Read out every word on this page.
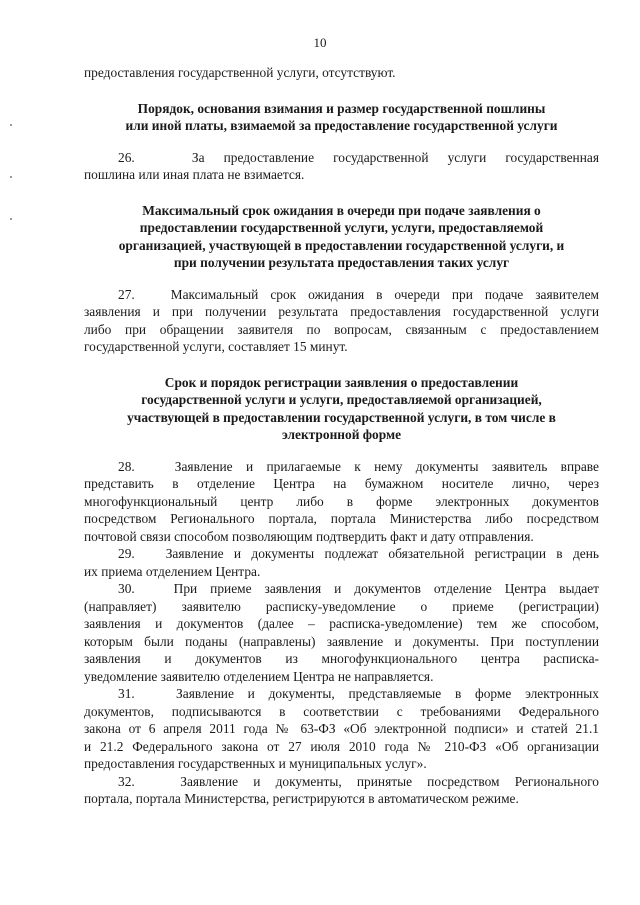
10
предоставления государственной услуги, отсутствуют.
Порядок, основания взимания и размер государственной пошлины
или иной платы, взимаемой за предоставление государственной услуги
26.   За предоставление государственной услуги государственная
пошлина или иная плата не взимается.
Максимальный срок ожидания в очереди при подаче заявления о
предоставлении государственной услуги, услуги, предоставляемой
организацией, участвующей в предоставлении государственной услуги, и
при получении результата предоставления таких услуг
27.   Максимальный срок ожидания в очереди при подаче заявителем
заявления и при получении результата предоставления государственной услуги
либо при обращении заявителя по вопросам, связанным с предоставлением
государственной услуги, составляет 15 минут.
Срок и порядок регистрации заявления о предоставлении
государственной услуги и услуги, предоставляемой организацией,
участвующей в предоставлении государственной услуги, в том числе в
электронной форме
28.   Заявление и прилагаемые к нему документы заявитель вправе
представить в отделение Центра на бумажном носителе лично, через
многофункциональный центр либо в форме электронных документов
посредством Регионального портала, портала Министерства либо посредством
почтовой связи способом позволяющим подтвердить факт и дату отправления.
29.   Заявление и документы подлежат обязательной регистрации в день
их приема отделением Центра.
30.   При приеме заявления и документов отделение Центра выдает
(направляет) заявителю расписку-уведомление о приеме (регистрации)
заявления и документов (далее – расписка-уведомление) тем же способом,
которым были поданы (направлены) заявление и документы. При поступлении
заявления и документов из многофункционального центра расписка-
уведомление заявителю отделением Центра не направляется.
31.   Заявление и документы, представляемые в форме электронных
документов, подписываются в соответствии с требованиями Федерального
закона от 6 апреля 2011 года № 63-ФЗ «Об электронной подписи» и статей 21.1
и 21.2 Федерального закона от 27 июля 2010 года № 210-ФЗ «Об организации
предоставления государственных и муниципальных услуг».
32.   Заявление и документы, принятые посредством Регионального
портала, портала Министерства, регистрируются в автоматическом режиме.
